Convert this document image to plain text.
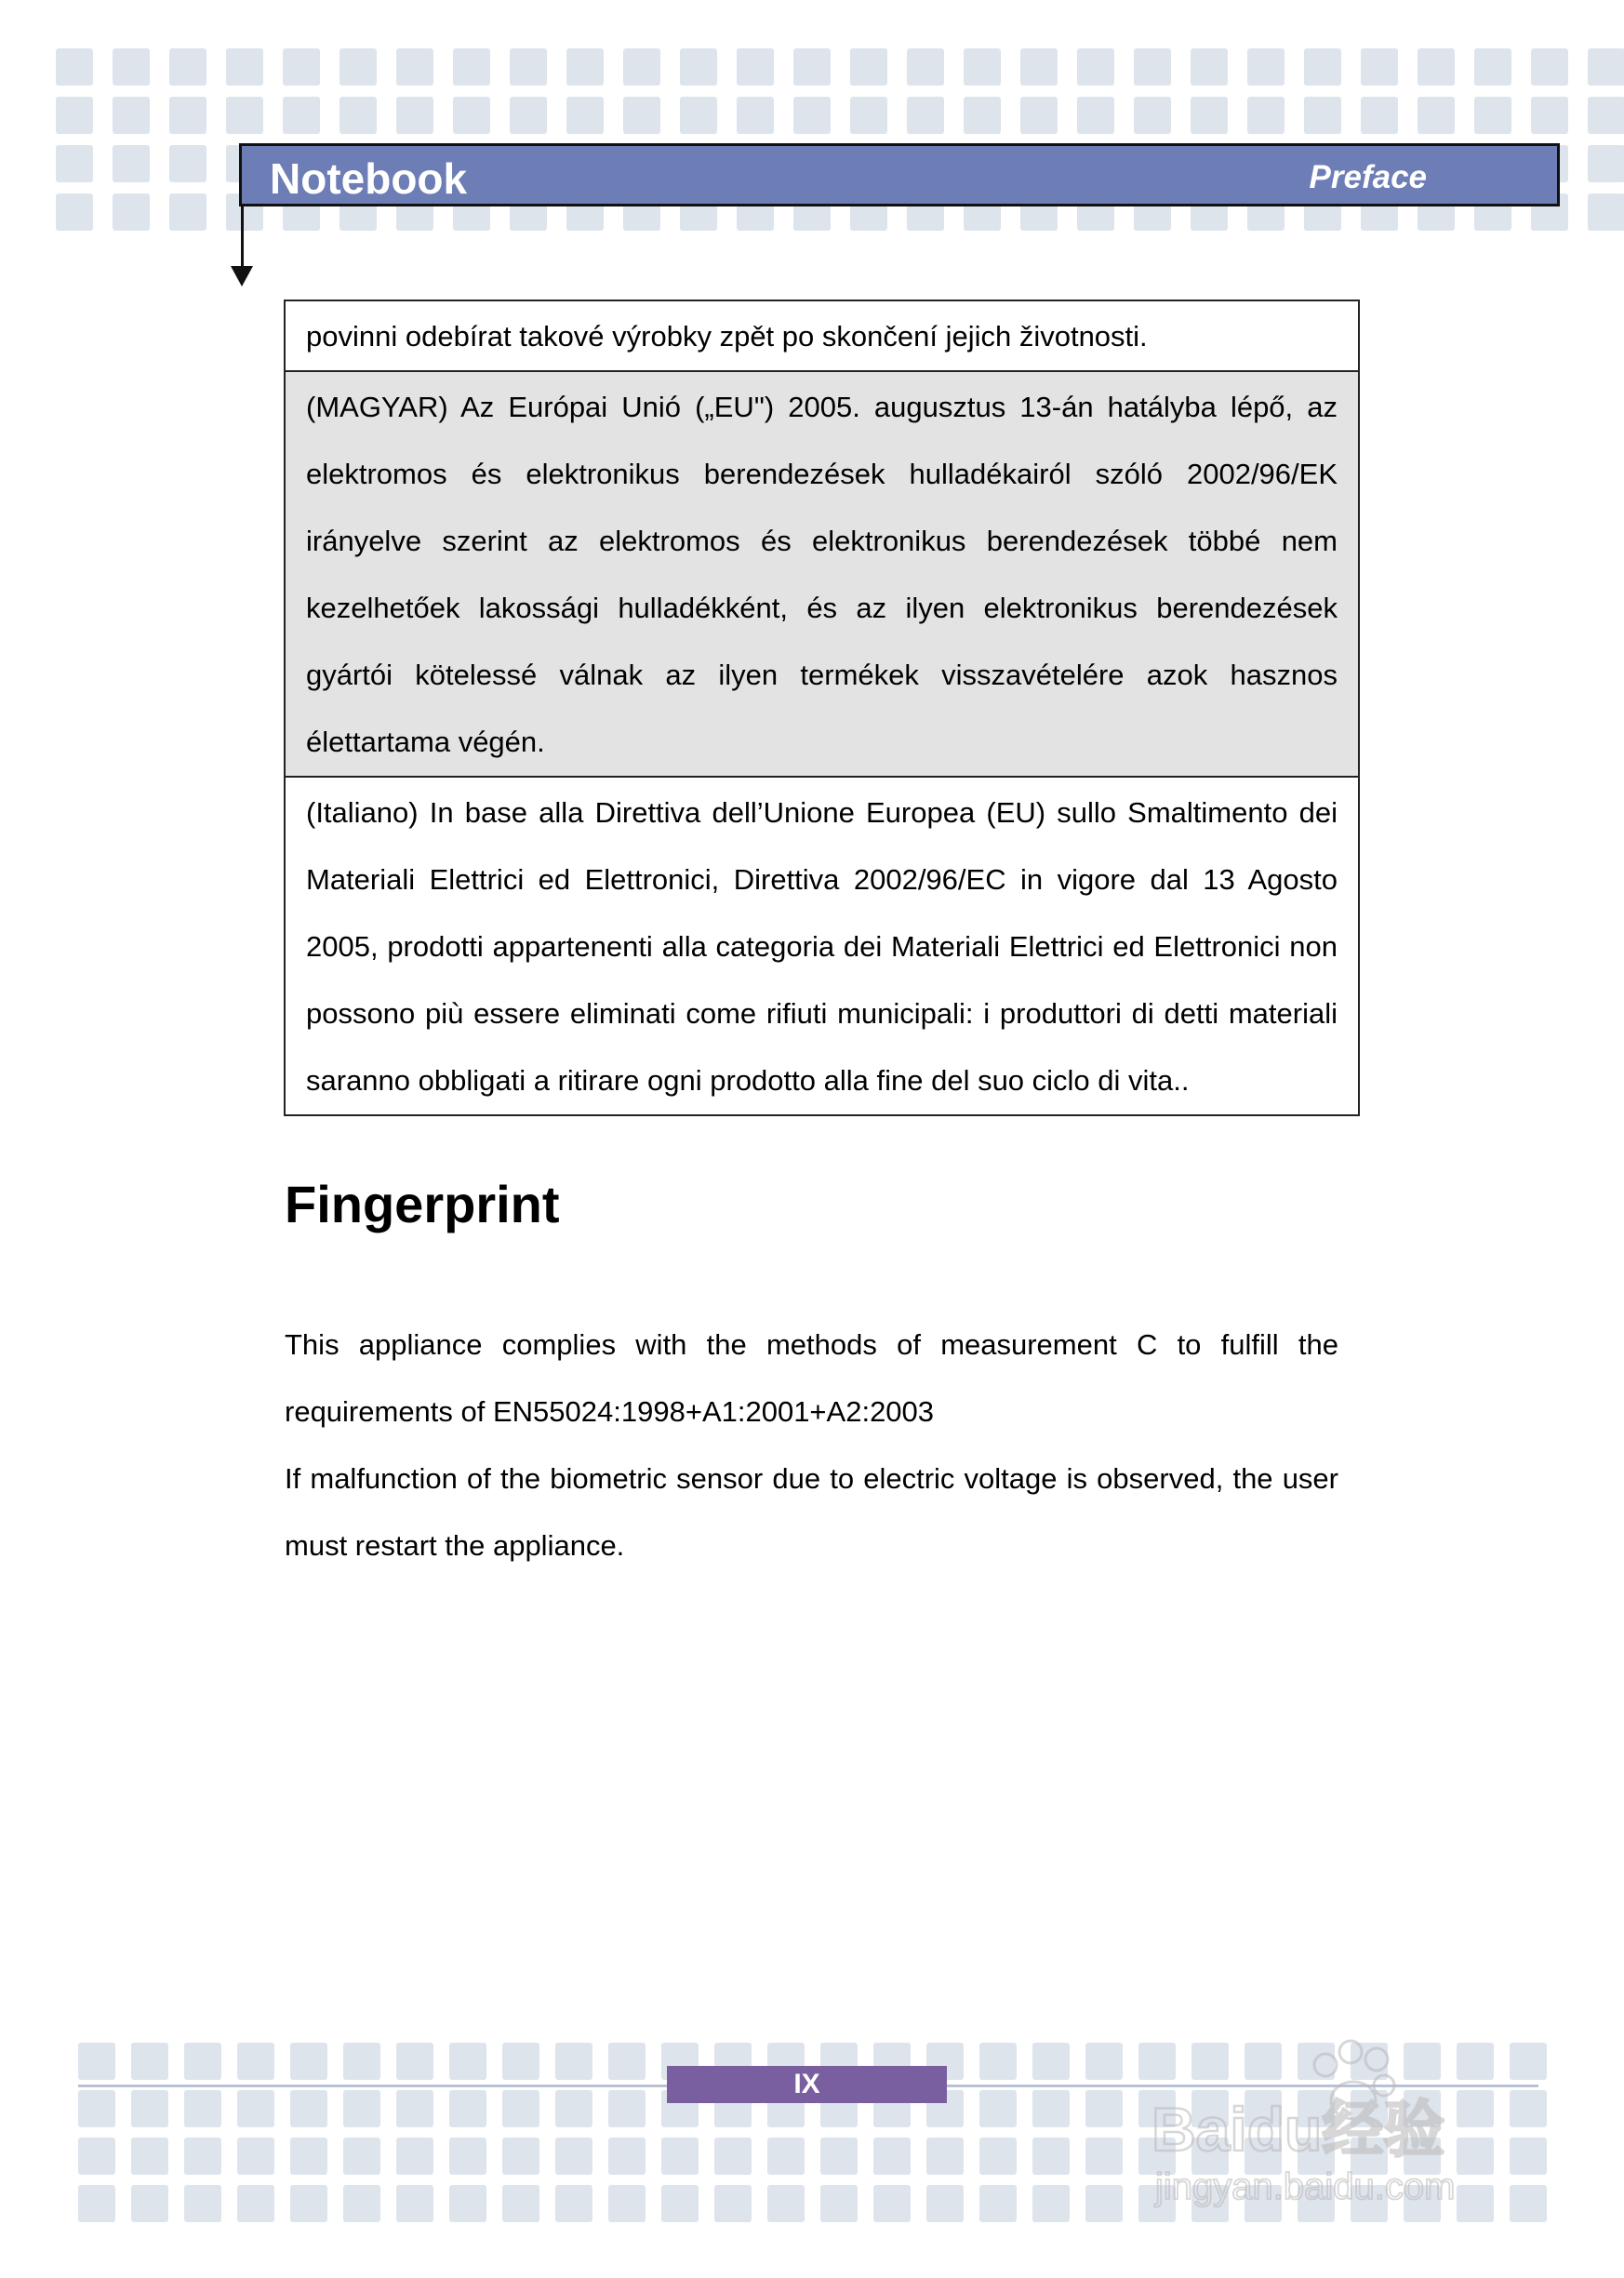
Notebook	Preface
povinni odebírat takové výrobky zpět po skončení jejich životnosti.
(MAGYAR) Az Európai Unió („EU") 2005. augusztus 13-án hatályba lépő, az elektromos és elektronikus berendezések hulladékairól szóló 2002/96/EK irányelve szerint az elektromos és elektronikus berendezések többé nem kezelhetőek lakossági hulladékként, és az ilyen elektronikus berendezések gyártói kötelessé válnak az ilyen termékek visszavételére azok hasznos élettartama végén.
(Italiano) In base alla Direttiva dell’Unione Europea (EU) sullo Smaltimento dei Materiali Elettrici ed Elettronici, Direttiva 2002/96/EC in vigore dal 13 Agosto 2005, prodotti appartenenti alla categoria dei Materiali Elettrici ed Elettronici non possono più essere eliminati come rifiuti municipali: i produttori di detti materiali saranno obbligati a ritirare ogni prodotto alla fine del suo ciclo di vita..
Fingerprint

This appliance complies with the methods of measurement C to fulfill the requirements of EN55024:1998+A1:2001+A2:2003

If malfunction of the biometric sensor due to electric voltage is observed, the user must restart the appliance.

IX
Baidu经验
jingyan.baidu.com
